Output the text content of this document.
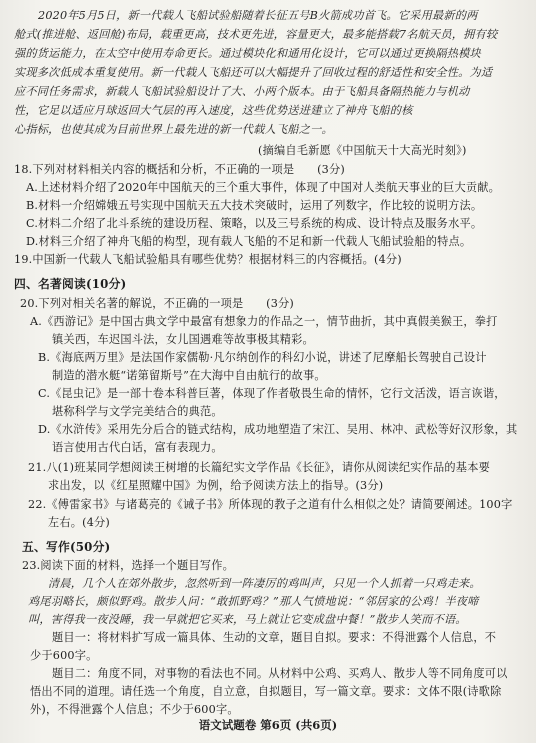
2020年5月5日，新一代载人飞船试验船随着长征五号B火箭成功首飞。它采用最新的两
舱式(推进舱、返回舱)布局，载重更高，技术更先进，容量更大，最多能搭载7名航天员，拥有较
强的货运能力，在太空中使用寿命更长。通过模块化和通用化设计，它可以通过更换隔热模块
实现多次低成本重复使用。新一代载人飞船还可以大幅提升了回收过程的舒适性和安全性。为适
应不同任务需求，新载人飞船试验船设计了大、小两个版本。由于飞船具备隔热能力与机动
性，它足以适应月球返回大气层的再入速度，这些优势送进建立了神舟飞船的核
心指标，也使其成为目前世界上最先进的新一代载人飞船之一。
(摘编自毛新愿《中国航天十大高光时刻》)
18.下列对材料相关内容的概括和分析，不正确的一项是　　(3分)
A.上述材料介绍了2020年中国航天的三个重大事件，体现了中国对人类航天事业的巨大贡献。
B.材料一介绍嫦娥五号实现中国航天五大技术突破时，运用了列数字，作比较的说明方法。
C.材料二介绍了北斗系统的建设历程、策略，以及三号系统的构成、设计特点及服务水平。
D.材料三介绍了神舟飞船的构型，现有载人飞船的不足和新一代载人飞船试验船的特点。
19.中国新一代载人飞船试验船具有哪些优势？根据材料三的内容概括。(4分)
四、名著阅读(10分)
20.下列对相关名著的解说，不正确的一项是　　(3分)
A.《西游记》是中国古典文学中最富有想象力的作品之一，情节曲折，其中真假美猴王，拳打
镇关西，车迟国斗法，女儿国遇难等故事极其精彩。
B.《海底两万里》是法国作家儒勒·凡尔纳创作的科幻小说，讲述了尼摩船长驾驶自己设计
制造的潜水艇“诺第留斯号”在大海中自由航行的故事。
C.《昆虫记》是一部十卷本科普巨著，体现了作者敬畏生命的情怀，它行文活泼，语言诙谐，
堪称科学与文学完美结合的典范。
D.《水浒传》采用先分后合的链式结构，成功地塑造了宋江、吴用、林冲、武松等好汉形象，其
语言使用古代白话，富有表现力。
21.八(1)班某同学想阅读王树增的长篇纪实文学作品《长征》，请你从阅读纪实作品的基本要
求出发，以《红星照耀中国》为例，给予阅读方法上的指导。(3分)
22.《傅雷家书》与诸葛亮的《诫子书》所体现的教子之道有什么相似之处？请简要阐述。100字
左右。(4分)
五、写作(50分)
23.阅读下面的材料，选择一个题目写作。
清晨，几个人在郊外散步，忽然听到一阵凄厉的鸡叫声，只见一个人抓着一只鸡走来。
鸡尾羽略长，颇似野鸡。散步人问：“敢抓野鸡？”那人气愤地说：“邻居家的公鸡！半夜啼
叫，害得我一夜没睡，我一早就把它买来，马上就让它变成盘中餐！”散步人笑而不语。
题目一：将材料扩写成一篇具体、生动的文章，题目自拟。要求：不得泄露个人信息，不
少于600字。
题目二：角度不同，对事物的看法也不同。从材料中公鸡、买鸡人、散步人等不同角度可以
悟出不同的道理。请任选一个角度，自立意，自拟题目，写一篇文章。要求：文体不限(诗歌除
外)，不得泄露个人信息；不少于600字。
语文试题卷 第6页 (共6页)
